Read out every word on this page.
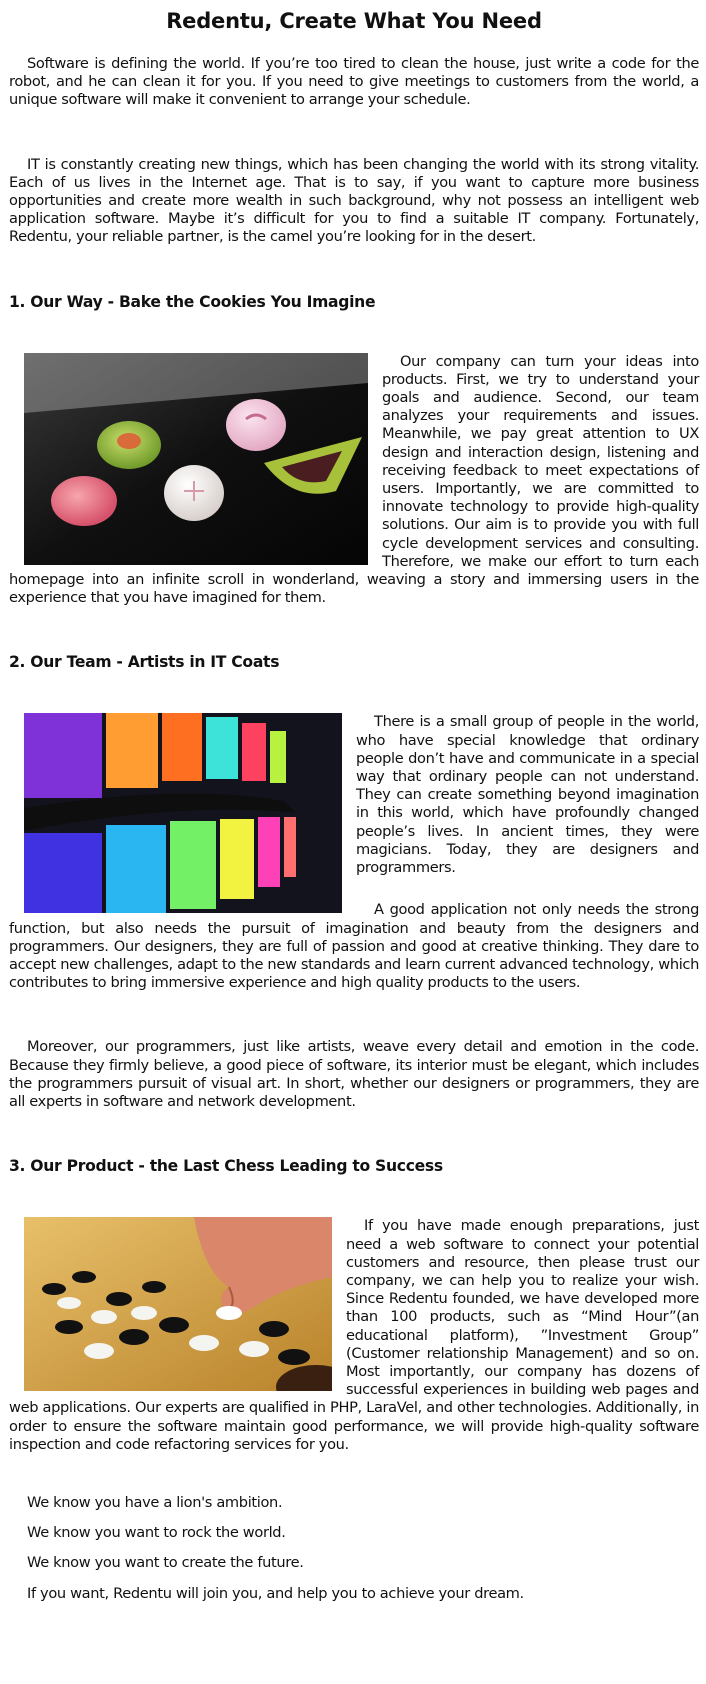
Redentu, Create What You Need

Software is defining the world. If you’re too tired to clean the house, just write a code for the robot, and he can clean it for you. If you need to give meetings to customers from the world, a unique software will make it convenient to arrange your schedule.

IT is constantly creating new things, which has been changing the world with its strong vitality. Each of us lives in the Internet age. That is to say, if you want to capture more business opportunities and create more wealth in such background, why not possess an intelligent web application software. Maybe it’s difficult for you to find a suitable IT company. Fortunately, Redentu, your reliable partner, is the camel you’re looking for in the desert.

1. Our Way - Bake the Cookies You Imagine

Our company can turn your ideas into products. First, we try to understand your goals and audience. Second, our team analyzes your requirements and issues. Meanwhile, we pay great attention to UX design and interaction design, listening and receiving feedback to meet expectations of users. Importantly, we are committed to innovate technology to provide high-quality solutions. Our aim is to provide you with full cycle development services and consulting. Therefore, we make our effort to turn each homepage into an infinite scroll in wonderland, weaving a story and immersing users in the experience that you have imagined for them.

2. Our Team - Artists in IT Coats

There is a small group of people in the world, who have special knowledge that ordinary people don’t have and communicate in a special way that ordinary people can not understand. They can create something beyond imagination in this world, which have profoundly changed people’s lives. In ancient times, they were magicians. Today, they are designers and programmers.

A good application not only needs the strong function, but also needs the pursuit of imagination and beauty from the designers and programmers. Our designers, they are full of passion and good at creative thinking. They dare to accept new challenges, adapt to the new standards and learn current advanced technology, which contributes to bring immersive experience and high quality products to the users.

Moreover, our programmers, just like artists, weave every detail and emotion in the code. Because they firmly believe, a good piece of software, its interior must be elegant, which includes the programmers pursuit of visual art. In short, whether our designers or programmers, they are all experts in software and network development.

3. Our Product - the Last Chess Leading to Success

If you have made enough preparations, just need a web software to connect your potential customers and resource, then please trust our company, we can help you to realize your wish. Since Redentu founded, we have developed more than 100 products, such as “Mind Hour”(an educational platform), ”Investment Group” (Customer relationship Management) and so on. Most importantly, our company has dozens of successful experiences in building web pages and web applications. Our experts are qualified in PHP, LaraVel, and other technologies. Additionally, in order to ensure the software maintain good performance, we will provide high-quality software inspection and code refactoring services for you.

We know you have a lion's ambition.

We know you want to rock the world.

We know you want to create the future.

If you want, Redentu will join you, and help you to achieve your dream.
